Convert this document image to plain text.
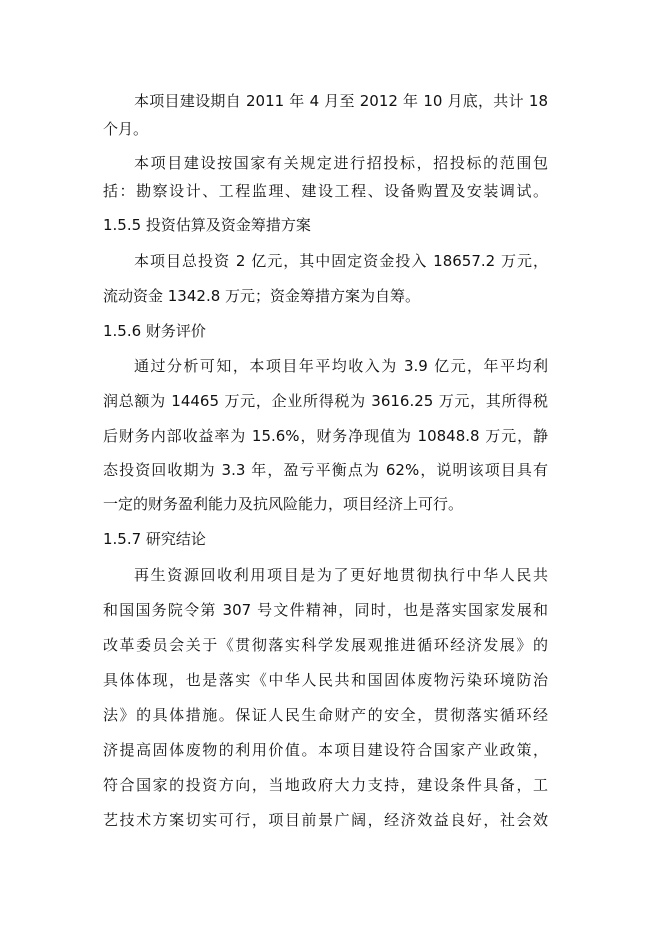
本项目建设期自 2011 年 4 月至 2012 年 10 月底，共计 18
个月。
本项目建设按国家有关规定进行招投标，招投标的范围包
括：勘察设计、工程监理、建设工程、设备购置及安装调试。
1.5.5 投资估算及资金筹措方案
本项目总投资 2 亿元，其中固定资金投入 18657.2 万元，
流动资金 1342.8 万元；资金筹措方案为自筹。
1.5.6 财务评价
通过分析可知，本项目年平均收入为 3.9 亿元，年平均利
润总额为 14465 万元，企业所得税为 3616.25 万元，其所得税
后财务内部收益率为 15.6%，财务净现值为 10848.8 万元，静
态投资回收期为 3.3 年，盈亏平衡点为 62%，说明该项目具有
一定的财务盈利能力及抗风险能力，项目经济上可行。
1.5.7 研究结论
再生资源回收利用项目是为了更好地贯彻执行中华人民共
和国国务院令第 307 号文件精神，同时，也是落实国家发展和
改革委员会关于《贯彻落实科学发展观推进循环经济发展》的
具体体现，也是落实《中华人民共和国固体废物污染环境防治
法》的具体措施。保证人民生命财产的安全，贯彻落实循环经
济提高固体废物的利用价值。本项目建设符合国家产业政策，
符合国家的投资方向，当地政府大力支持，建设条件具备，工
艺技术方案切实可行，项目前景广阔，经济效益良好，社会效
